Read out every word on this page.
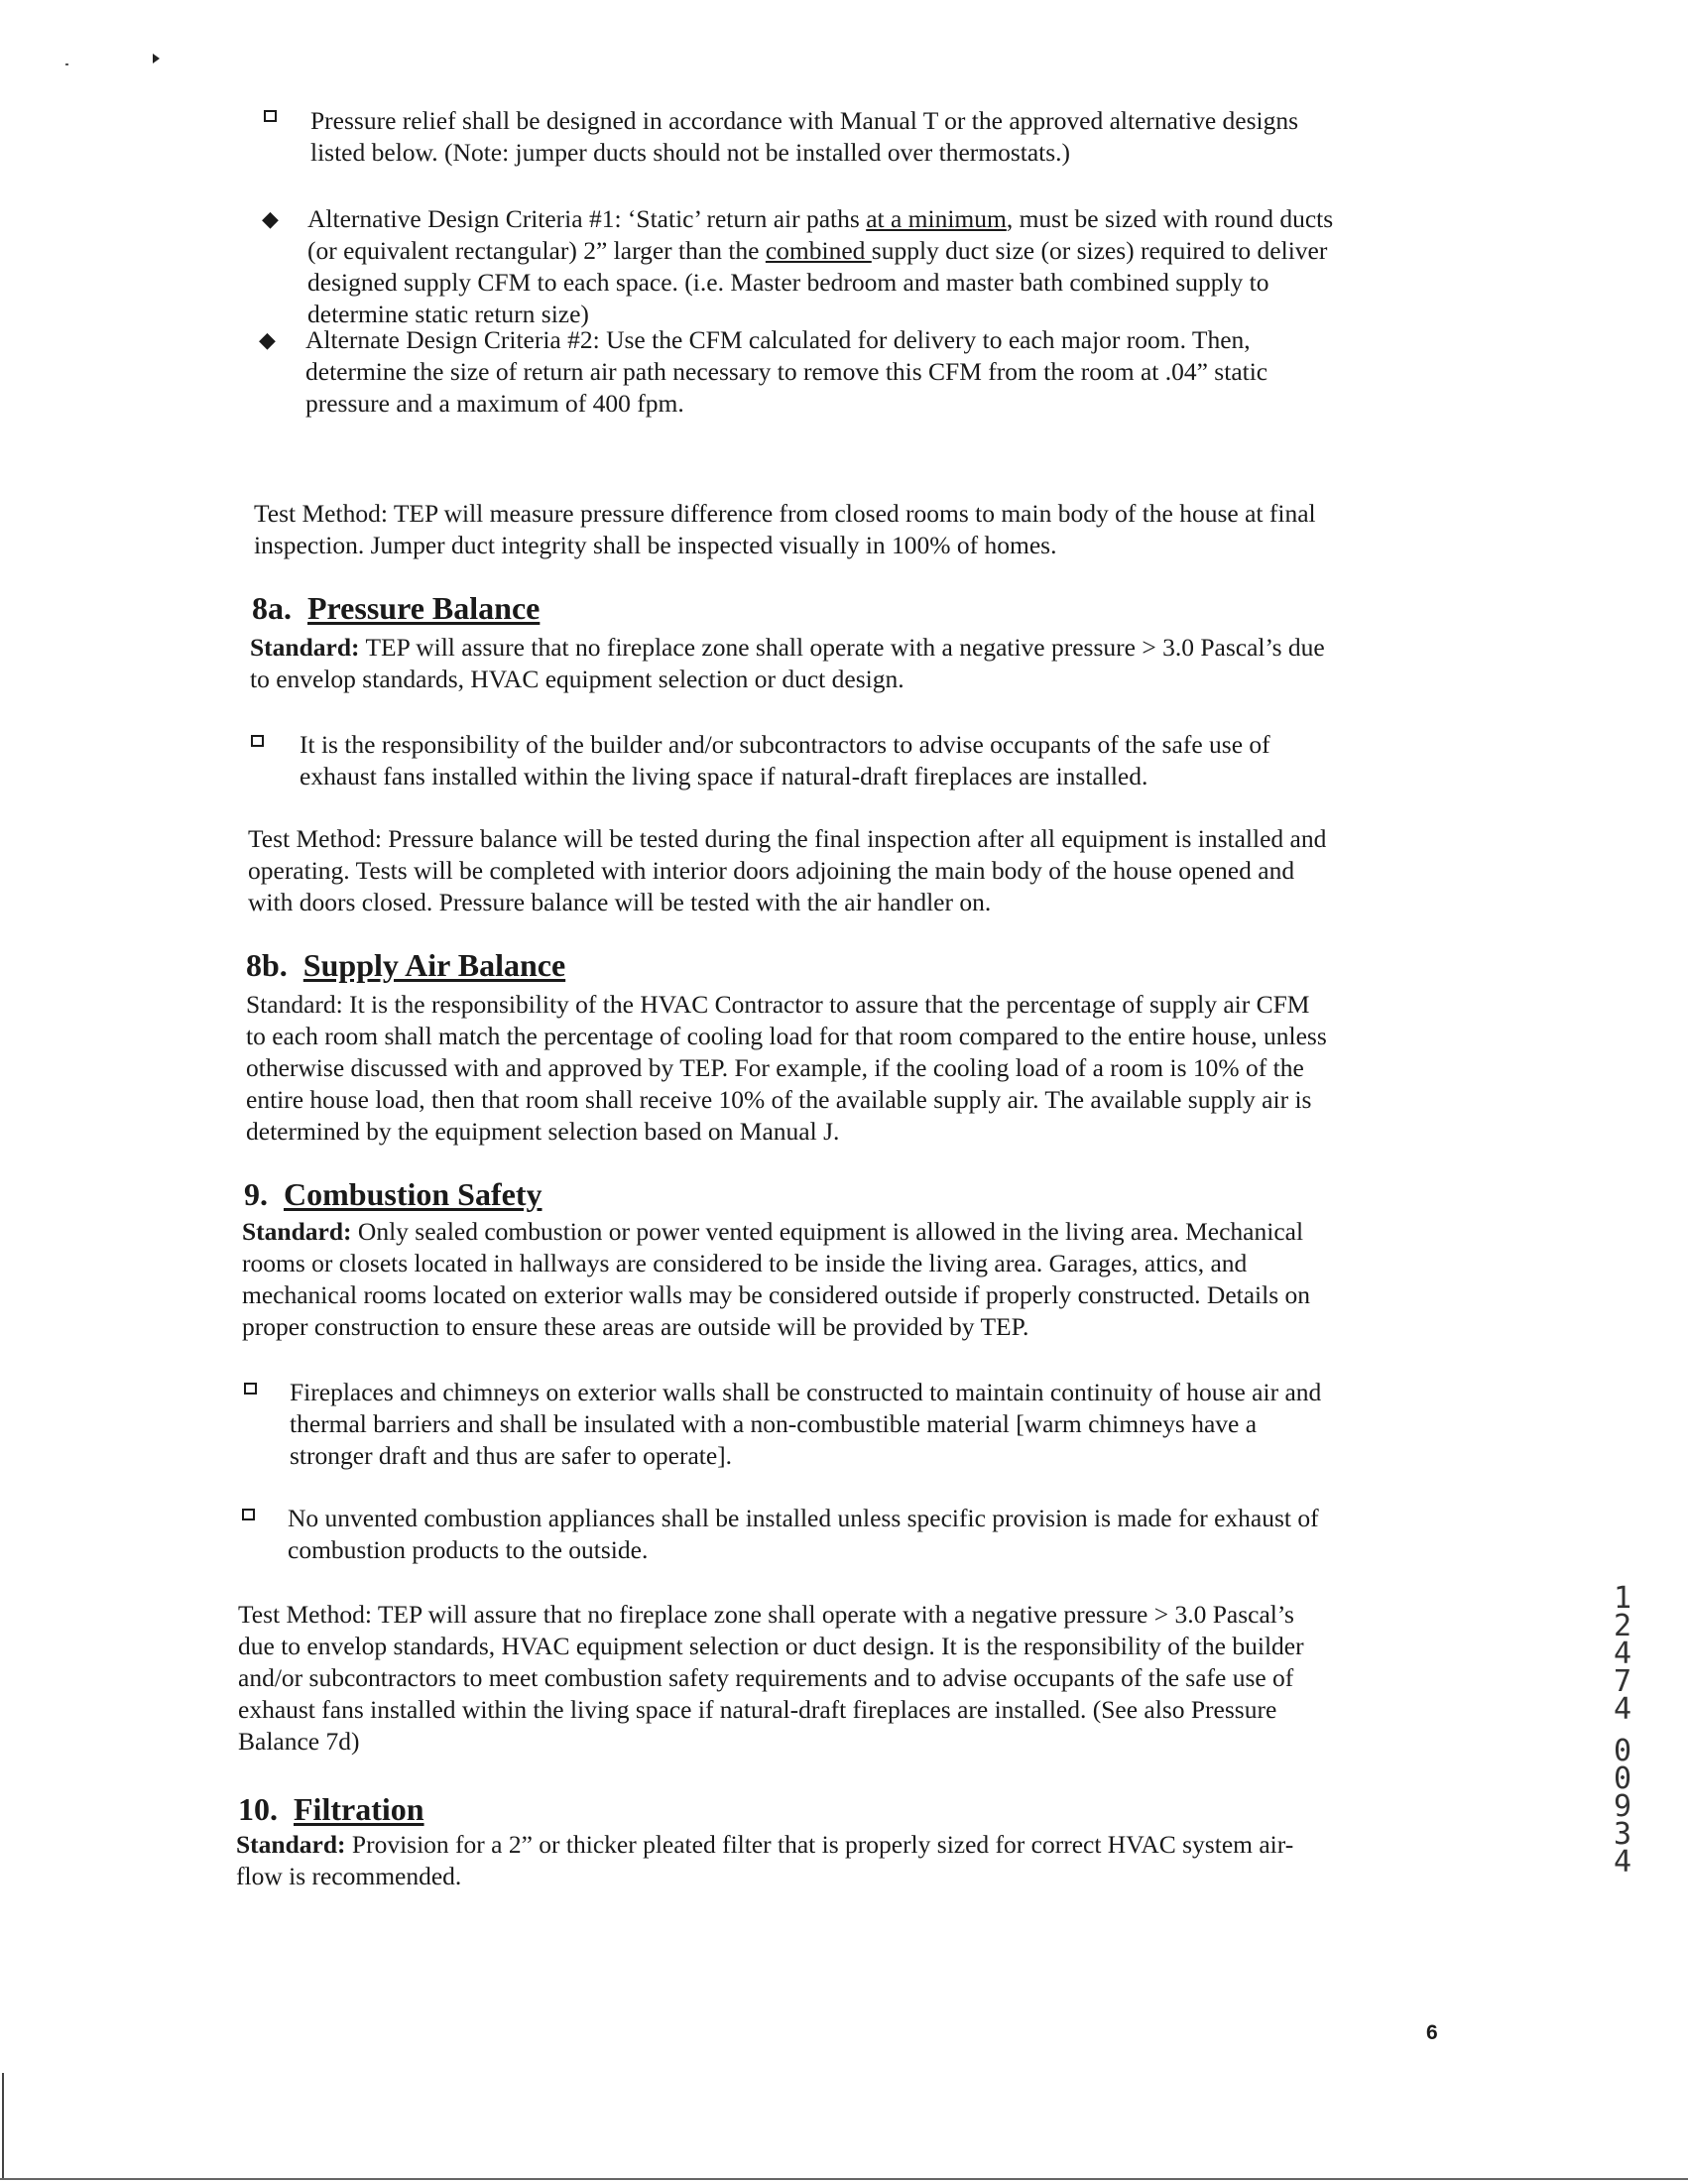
Pressure relief shall be designed in accordance with Manual T or the approved alternative designs
listed below. (Note: jumper ducts should not be installed over thermostats.)
◆ Alternative Design Criteria #1: ‘Static’ return air paths at a minimum, must be sized with round ducts
(or equivalent rectangular) 2” larger than the combined supply duct size (or sizes) required to deliver
designed supply CFM to each space. (i.e. Master bedroom and master bath combined supply to
determine static return size)
◆ Alternate Design Criteria #2: Use the CFM calculated for delivery to each major room. Then,
determine the size of return air path necessary to remove this CFM from the room at .04” static
pressure and a maximum of 400 fpm.
Test Method: TEP will measure pressure difference from closed rooms to main body of the house at final
inspection. Jumper duct integrity shall be inspected visually in 100% of homes.
8a. Pressure Balance
Standard: TEP will assure that no fireplace zone shall operate with a negative pressure > 3.0 Pascal’s due
to envelop standards, HVAC equipment selection or duct design.
It is the responsibility of the builder and/or subcontractors to advise occupants of the safe use of
exhaust fans installed within the living space if natural-draft fireplaces are installed.
Test Method: Pressure balance will be tested during the final inspection after all equipment is installed and
operating. Tests will be completed with interior doors adjoining the main body of the house opened and
with doors closed. Pressure balance will be tested with the air handler on.
8b. Supply Air Balance
Standard: It is the responsibility of the HVAC Contractor to assure that the percentage of supply air CFM
to each room shall match the percentage of cooling load for that room compared to the entire house, unless
otherwise discussed with and approved by TEP. For example, if the cooling load of a room is 10% of the
entire house load, then that room shall receive 10% of the available supply air. The available supply air is
determined by the equipment selection based on Manual J.
9. Combustion Safety
Standard: Only sealed combustion or power vented equipment is allowed in the living area. Mechanical
rooms or closets located in hallways are considered to be inside the living area. Garages, attics, and
mechanical rooms located on exterior walls may be considered outside if properly constructed. Details on
proper construction to ensure these areas are outside will be provided by TEP.
Fireplaces and chimneys on exterior walls shall be constructed to maintain continuity of house air and
thermal barriers and shall be insulated with a non-combustible material [warm chimneys have a
stronger draft and thus are safer to operate].
No unvented combustion appliances shall be installed unless specific provision is made for exhaust of
combustion products to the outside.
Test Method: TEP will assure that no fireplace zone shall operate with a negative pressure > 3.0 Pascal’s
due to envelop standards, HVAC equipment selection or duct design. It is the responsibility of the builder
and/or subcontractors to meet combustion safety requirements and to advise occupants of the safe use of
exhaust fans installed within the living space if natural-draft fireplaces are installed. (See also Pressure
Balance 7d)
10. Filtration
Standard: Provision for a 2” or thicker pleated filter that is properly sized for correct HVAC system air-
flow is recommended.
1
2
4
7
4
0
0
9
3
4
6
